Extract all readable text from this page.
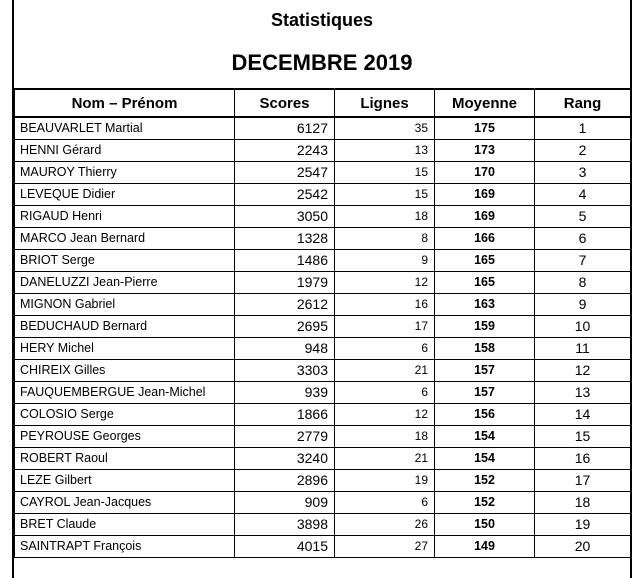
Statistiques
DECEMBRE 2019
Nom – Prénom	Scores	Lignes	Moyenne	Rang
BEAUVARLET Martial	6127	35	175	1
HENNI Gérard	2243	13	173	2
MAUROY Thierry	2547	15	170	3
LEVEQUE Didier	2542	15	169	4
RIGAUD Henri	3050	18	169	5
MARCO Jean Bernard	1328	8	166	6
BRIOT Serge	1486	9	165	7
DANELUZZI Jean-Pierre	1979	12	165	8
MIGNON Gabriel	2612	16	163	9
BEDUCHAUD Bernard	2695	17	159	10
HERY Michel	948	6	158	11
CHIREIX Gilles	3303	21	157	12
FAUQUEMBERGUE Jean-Michel	939	6	157	13
COLOSIO Serge	1866	12	156	14
PEYROUSE Georges	2779	18	154	15
ROBERT Raoul	3240	21	154	16
LEZE Gilbert	2896	19	152	17
CAYROL Jean-Jacques	909	6	152	18
BRET Claude	3898	26	150	19
SAINTRAPT François	4015	27	149	20
